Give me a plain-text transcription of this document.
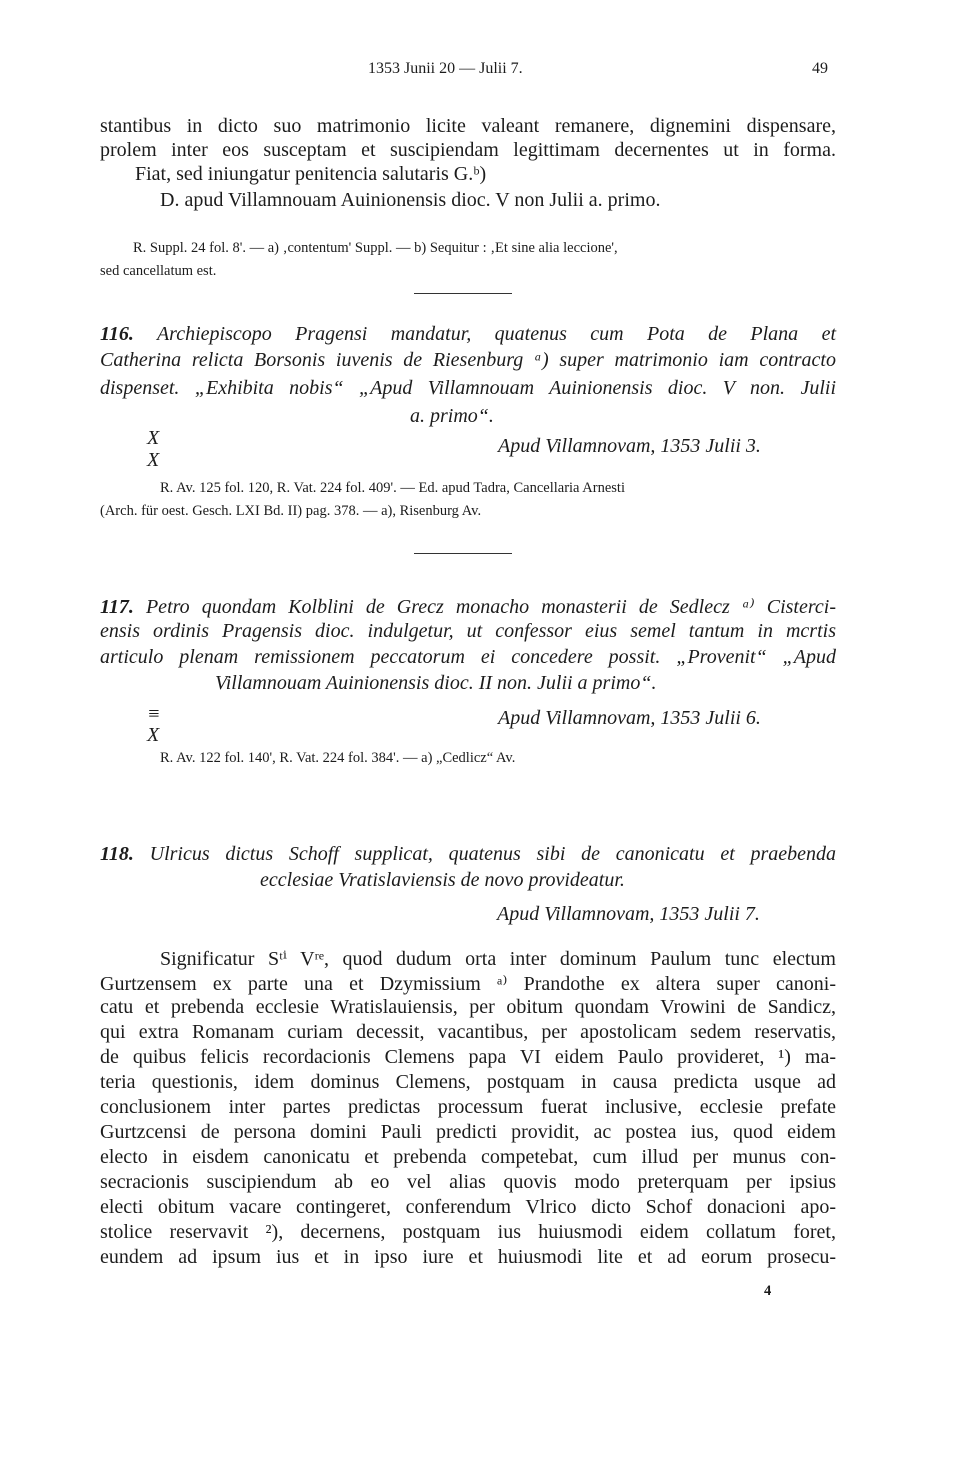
1353 Junii 20 — Julii 7.	49
stantibus in dicto suo matrimonio licite valeant remanere, dignemini dispensare,
prolem inter eos susceptam et suscipiendam legittimam decernentes ut in forma.
Fiat, sed iniungatur penitencia salutaris G.ᵇ)
D. apud Villamnouam Auinionensis dioc. V non Julii a. primo.
R. Suppl. 24 fol. 8'. — a) ‚contentum' Suppl. — b) Sequitur : ‚Et sine alia leccione',
sed cancellatum est.
116. Archiepiscopo Pragensi mandatur, quatenus cum Pota de Plana et
Catherina relicta Borsonis iuvenis de Riesenburg ᵃ) super matrimonio iam contracto
dispenset. „Exhibita nobis“ „Apud Villamnouam Auinionensis dioc. V non. Julii
a. primo“.
X
X
Apud Villamnovam, 1353 Julii 3.
R. Av. 125 fol. 120, R. Vat. 224 fol. 409'. — Ed. apud Tadra, Cancellaria Arnesti
(Arch. für oest. Gesch. LXI Bd. II) pag. 378. — a), Risenburg Av.
117. Petro quondam Kolblini de Grecz monacho monasterii de Sedlecz ᵃ⁾ Cisterci-
ensis ordinis Pragensis dioc. indulgetur, ut confessor eius semel tantum in mcrtis
articulo plenam remissionem peccatorum ei concedere possit. „Provenit“ „Apud
Villamnouam Auinionensis dioc. II non. Julii a primo“.
≡
X
Apud Villamnovam, 1353 Julii 6.
R. Av. 122 fol. 140', R. Vat. 224 fol. 384'. — a) „Cedlicz“ Av.
118. Ulricus dictus Schoff supplicat, quatenus sibi de canonicatu et praebenda
ecclesiae Vratislaviensis de novo provideatur.
Apud Villamnovam, 1353 Julii 7.
Significatur Sᵗⁱ Vʳᵉ, quod dudum orta inter dominum Paulum tunc electum
Gurtzensem ex parte una et Dzymissium ᵃ⁾ Prandothe ex altera super canoni-
catu et prebenda ecclesie Wratislauiensis, per obitum quondam Vrowini de Sandicz,
qui extra Romanam curiam decessit, vacantibus, per apostolicam sedem reservatis,
de quibus felicis recordacionis Clemens papa VI eidem Paulo provideret, ¹) ma-
teria questionis, idem dominus Clemens, postquam in causa predicta usque ad
conclusionem inter partes predictas processum fuerat inclusive, ecclesie prefate
Gurtzcensi de persona domini Pauli predicti providit, ac postea ius, quod eidem
electo in eisdem canonicatu et prebenda competebat, cum illud per munus con-
secracionis suscipiendum ab eo vel alias quovis modo preterquam per ipsius
electi obitum vacare contingeret, conferendum Vlrico dicto Schof donacioni apo-
stolice reservavit ²), decernens, postquam ius huiusmodi eidem collatum foret,
eundem ad ipsum ius et in ipso iure et huiusmodi lite et ad eorum prosecu-
4
